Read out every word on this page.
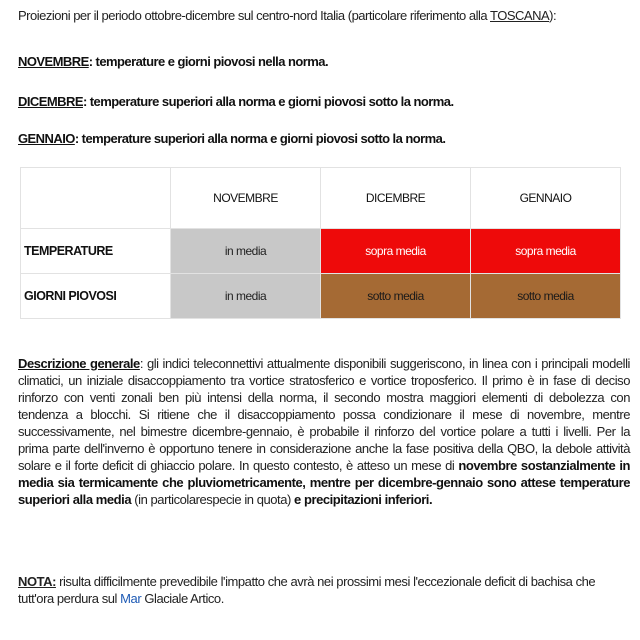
Proiezioni per il periodo ottobre-dicembre sul centro-nord Italia (particolare riferimento alla TOSCANA):
NOVEMBRE: temperature e giorni piovosi nella norma.
DICEMBRE: temperature superiori alla norma e giorni piovosi sotto la norma.
GENNAIO: temperature superiori alla norma e giorni piovosi sotto la norma.
	NOVEMBRE	DICEMBRE	GENNAIO
TEMPERATURE	in media	sopra media	sopra media
GIORNI PIOVOSI	in media	sotto media	sotto media
Descrizione generale: gli indici teleconnettivi attualmente disponibili suggeriscono, in linea con i principali modelli climatici, un iniziale disaccoppiamento tra vortice stratosferico e vortice troposferico. Il primo è in fase di deciso rinforzo con venti zonali ben più intensi della norma, il secondo mostra maggiori elementi di debolezza con tendenza a blocchi. Si ritiene che il disaccoppiamento possa condizionare il mese di novembre, mentre successivamente, nel bimestre dicembre-gennaio, è probabile il rinforzo del vortice polare a tutti i livelli. Per la prima parte dell'inverno è opportuno tenere in considerazione anche la fase positiva della QBO, la debole attività solare e il forte deficit di ghiaccio polare. In questo contesto, è atteso un mese di novembre sostanzialmente in media sia termicamente che pluviometricamente, mentre per dicembre-gennaio sono attese temperature superiori alla media (in particolarespecie in quota) e precipitazioni inferiori.
NOTA: risulta difficilmente prevedibile l'impatto che avrà nei prossimi mesi l'eccezionale deficit di bachisa che tutt'ora perdura sul Mar Glaciale Artico.
